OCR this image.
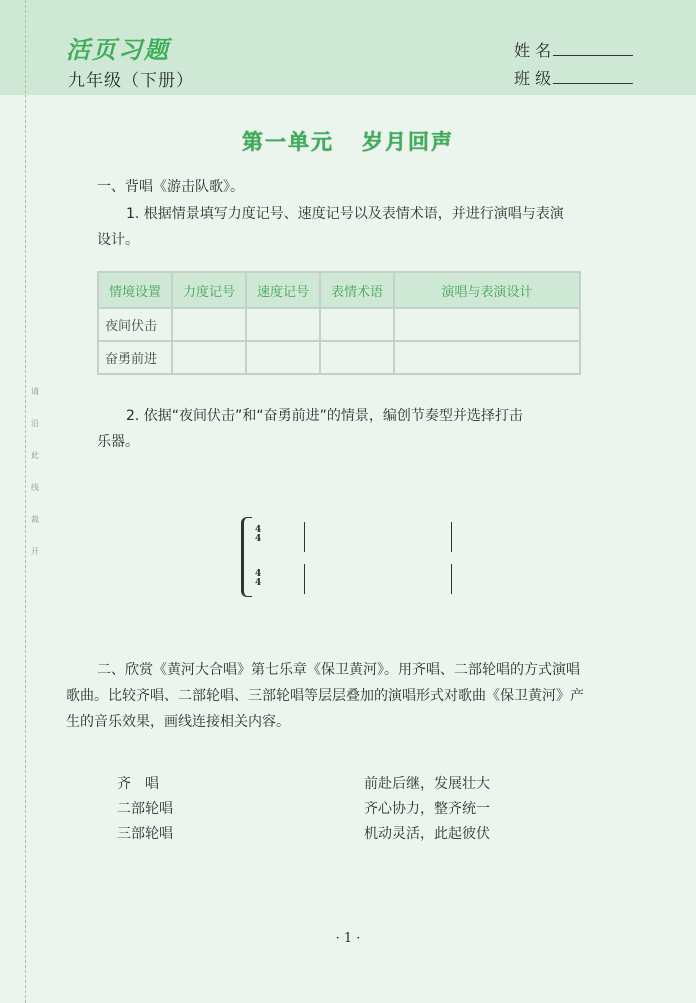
活页习题
九年级（下册）
姓 名
班 级
请
沿
此
线
裁
开
第一单元   岁月回声
一、背唱《游击队歌》。
1. 根据情景填写力度记号、速度记号以及表情术语，并进行演唱与表演
设计。
情境设置	力度记号	速度记号	表情术语	演唱与表演设计
夜间伏击				
奋勇前进				
2. 依据“夜间伏击”和“奋勇前进”的情景，编创节奏型并选择打击
乐器。
4
4
4
4
二、欣赏《黄河大合唱》第七乐章《保卫黄河》。用齐唱、二部轮唱的方式演唱
歌曲。比较齐唱、二部轮唱、三部轮唱等层层叠加的演唱形式对歌曲《保卫黄河》产
生的音乐效果，画线连接相关内容。
齐　唱
二部轮唱
三部轮唱
前赴后继，发展壮大
齐心协力，整齐统一
机动灵活，此起彼伏
· 1 ·
